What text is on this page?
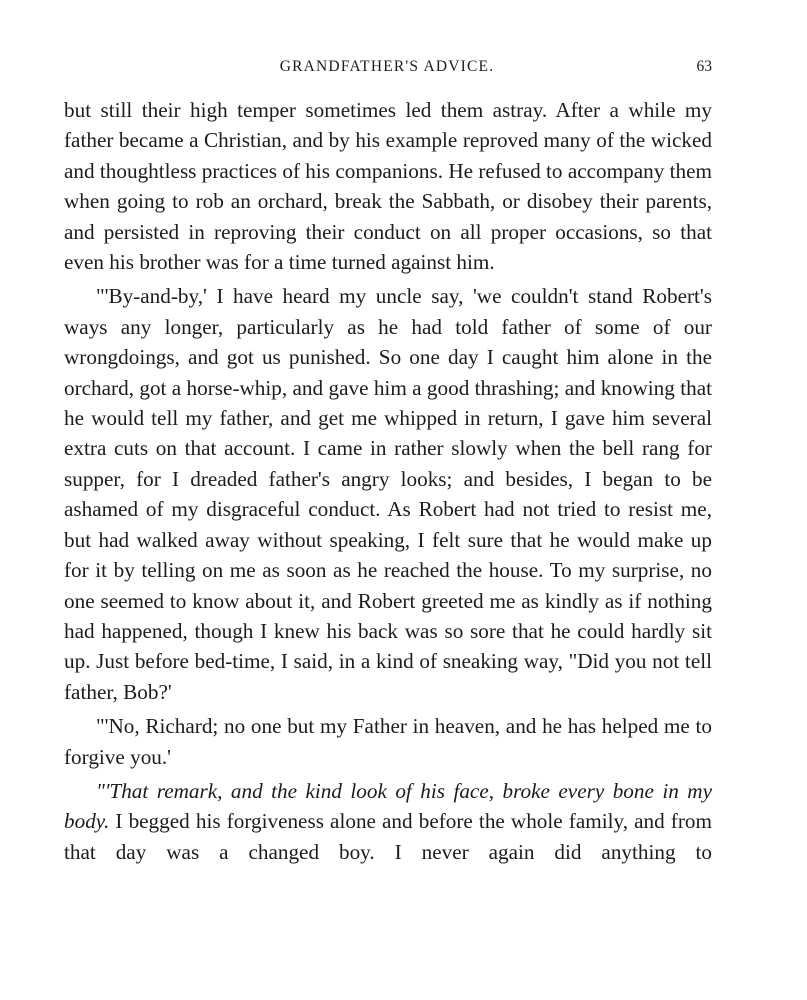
GRANDFATHER'S ADVICE.	63

but still their high temper sometimes led them astray. After a while my father became a Christian, and by his example reproved many of the wicked and thoughtless practices of his companions. He refused to accompany them when going to rob an orchard, break the Sabbath, or disobey their parents, and persisted in reproving their conduct on all proper occasions, so that even his brother was for a time turned against him.

"'By-and-by,' I have heard my uncle say, 'we couldn't stand Robert's ways any longer, particularly as he had told father of some of our wrongdoings, and got us punished. So one day I caught him alone in the orchard, got a horse-whip, and gave him a good thrashing; and knowing that he would tell my father, and get me whipped in return, I gave him several extra cuts on that account. I came in rather slowly when the bell rang for supper, for I dreaded father's angry looks; and besides, I began to be ashamed of my disgraceful conduct. As Robert had not tried to resist me, but had walked away without speaking, I felt sure that he would make up for it by telling on me as soon as he reached the house. To my surprise, no one seemed to know about it, and Robert greeted me as kindly as if nothing had happened, though I knew his back was so sore that he could hardly sit up. Just before bed-time, I said, in a kind of sneaking way, "Did you not tell father, Bob?'

"'No, Richard; no one but my Father in heaven, and he has helped me to forgive you.'

"'That remark, and the kind look of his face, broke every bone in my body. I begged his forgiveness alone and before the whole family, and from that day was a changed boy. I never again did anything to
